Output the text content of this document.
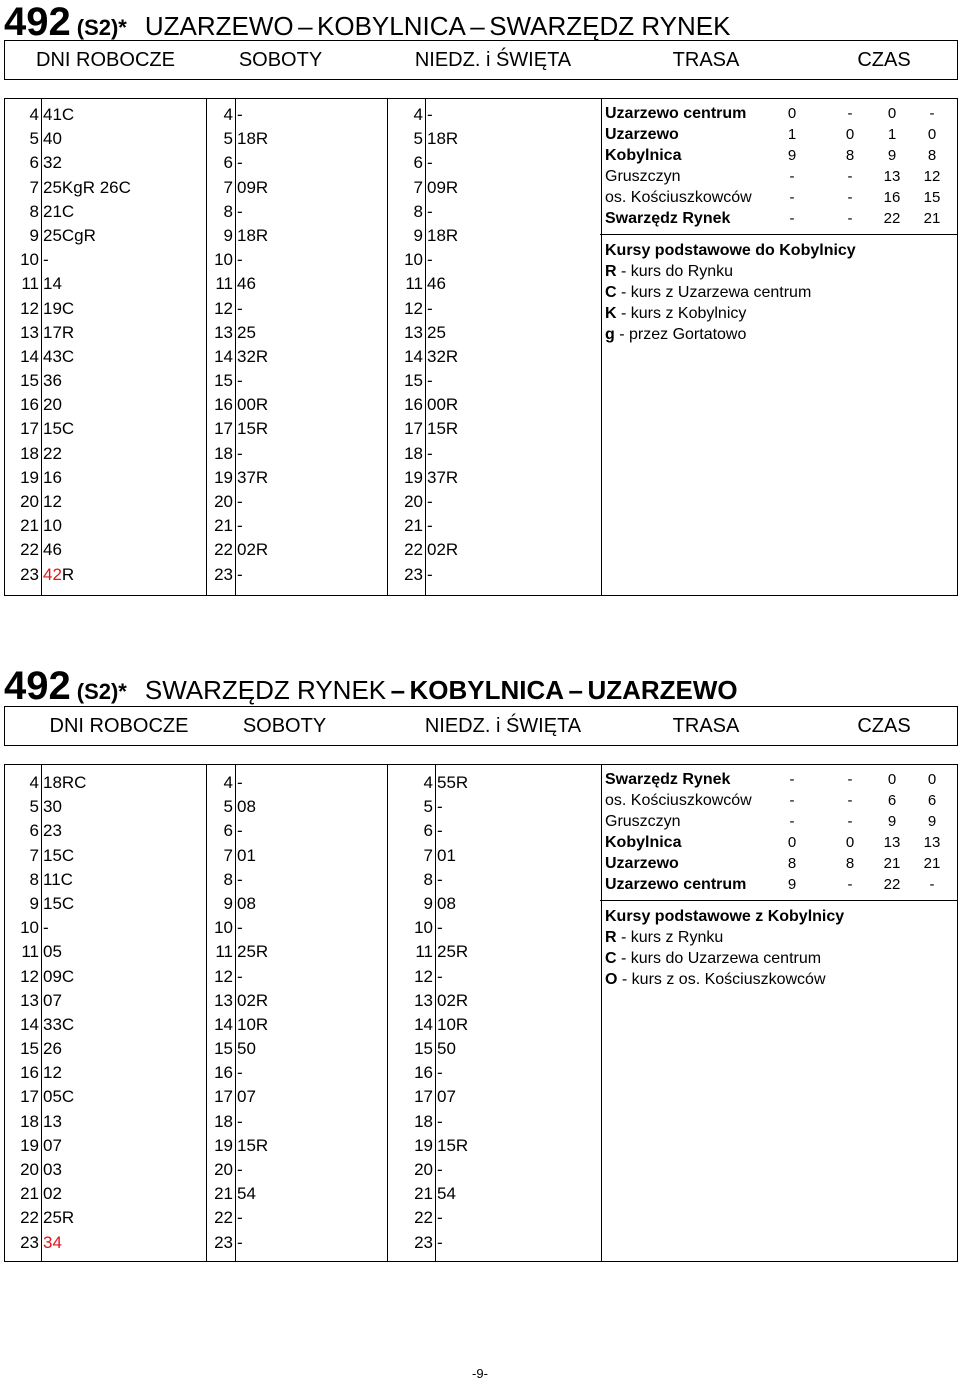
492 (S2)* UZARZEWO – KOBYLNICA – SWARZĘDZ RYNEK
DNI ROBOCZE	SOBOTY	NIEDZ. i ŚWIĘTA	TRASA	CZAS
4 41C
5 40
6 32
7 25KgR 26C
8 21C
9 25CgR
10 -
11 14
12 19C
13 17R
14 43C
15 36
16 20
17 15C
18 22
19 16
20 12
21 10
22 46
23 42R
4 -
5 18R
6 -
7 09R
8 -
9 18R
10 -
11 46
12 -
13 25
14 32R
15 -
16 00R
17 15R
18 -
19 37R
20 -
21 -
22 02R
23 -
4 -
5 18R
6 -
7 09R
8 -
9 18R
10 -
11 46
12 -
13 25
14 32R
15 -
16 00R
17 15R
18 -
19 37R
20 -
21 -
22 02R
23 -
Uzarzewo centrum	0	-	0	-
Uzarzewo	1	0	1	0
Kobylnica	9	8	9	8
Gruszczyn	-	-	13	12
os. Kościuszkowców	-	-	16	15
Swarzędz Rynek	-	-	22	21
Kursy podstawowe do Kobylnicy
R - kurs do Rynku
C - kurs z Uzarzewa centrum
K - kurs z Kobylnicy
g - przez Gortatowo
492 (S2)* SWARZĘDZ RYNEK – KOBYLNICA – UZARZEWO
DNI ROBOCZE	SOBOTY	NIEDZ. i ŚWIĘTA	TRASA	CZAS
4 18RC
5 30
6 23
7 15C
8 11C
9 15C
10 -
11 05
12 09C
13 07
14 33C
15 26
16 12
17 05C
18 13
19 07
20 03
21 02
22 25R
23 34
4 -
5 08
6 -
7 01
8 -
9 08
10 -
11 25R
12 -
13 02R
14 10R
15 50
16 -
17 07
18 -
19 15R
20 -
21 54
22 -
23 -
4 55R
5 -
6 -
7 01
8 -
9 08
10 -
11 25R
12 -
13 02R
14 10R
15 50
16 -
17 07
18 -
19 15R
20 -
21 54
22 -
23 -
Swarzędz Rynek	-	-	0	0
os. Kościuszkowców	-	-	6	6
Gruszczyn	-	-	9	9
Kobylnica	0	0	13	13
Uzarzewo	8	8	21	21
Uzarzewo centrum	9	-	22	-
Kursy podstawowe z Kobylnicy
R - kurs z Rynku
C - kurs do Uzarzewa centrum
O - kurs z os. Kościuszkowców
-9-
